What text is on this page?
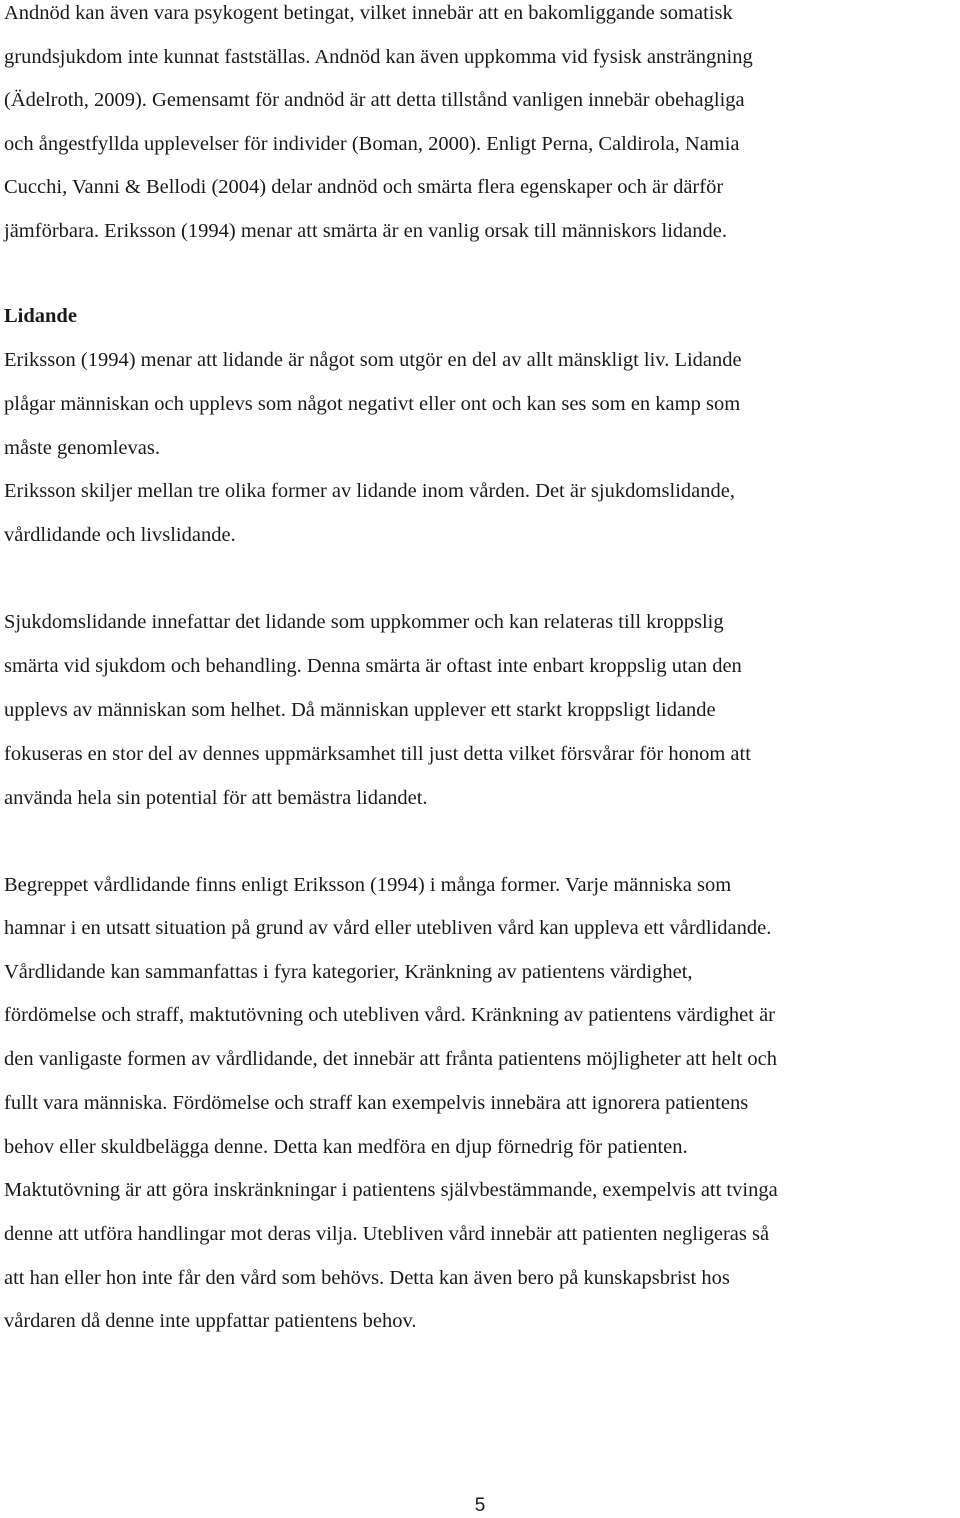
Andnöd kan även vara psykogent betingat, vilket innebär att en bakomliggande somatisk

grundsjukdom inte kunnat fastställas. Andnöd kan även uppkomma vid fysisk ansträngning

(Ädelroth, 2009). Gemensamt för andnöd är att detta tillstånd vanligen innebär obehagliga

och ångestfyllda upplevelser för individer (Boman, 2000). Enligt Perna, Caldirola, Namia

Cucchi, Vanni & Bellodi (2004) delar andnöd och smärta flera egenskaper och är därför

jämförbara. Eriksson (1994) menar att smärta är en vanlig orsak till människors lidande.

Lidande

Eriksson (1994) menar att lidande är något som utgör en del av allt mänskligt liv. Lidande

plågar människan och upplevs som något negativt eller ont och kan ses som en kamp som

måste genomlevas.

Eriksson skiljer mellan tre olika former av lidande inom vården. Det är sjukdomslidande,

vårdlidande och livslidande.

Sjukdomslidande innefattar det lidande som uppkommer och kan relateras till kroppslig

smärta vid sjukdom och behandling. Denna smärta är oftast inte enbart kroppslig utan den

upplevs av människan som helhet. Då människan upplever ett starkt kroppsligt lidande

fokuseras en stor del av dennes uppmärksamhet till just detta vilket försvårar för honom att

använda hela sin potential för att bemästra lidandet.

Begreppet vårdlidande finns enligt Eriksson (1994) i många former. Varje människa som

hamnar i en utsatt situation på grund av vård eller utebliven vård kan uppleva ett vårdlidande.

Vårdlidande kan sammanfattas i fyra kategorier, Kränkning av patientens värdighet,

fördömelse och straff, maktutövning och utebliven vård. Kränkning av patientens värdighet är

den vanligaste formen av vårdlidande, det innebär att frånta patientens möjligheter att helt och

fullt vara människa. Fördömelse och straff kan exempelvis innebära att ignorera patientens

behov eller skuldbelägga denne. Detta kan medföra en djup förnedrig för patienten.

Maktutövning är att göra inskränkningar i patientens självbestämmande, exempelvis att tvinga

denne att utföra handlingar mot deras vilja. Utebliven vård innebär att patienten negligeras så

att han eller hon inte får den vård som behövs. Detta kan även bero på kunskapsbrist hos

vårdaren då denne inte uppfattar patientens behov.

5
